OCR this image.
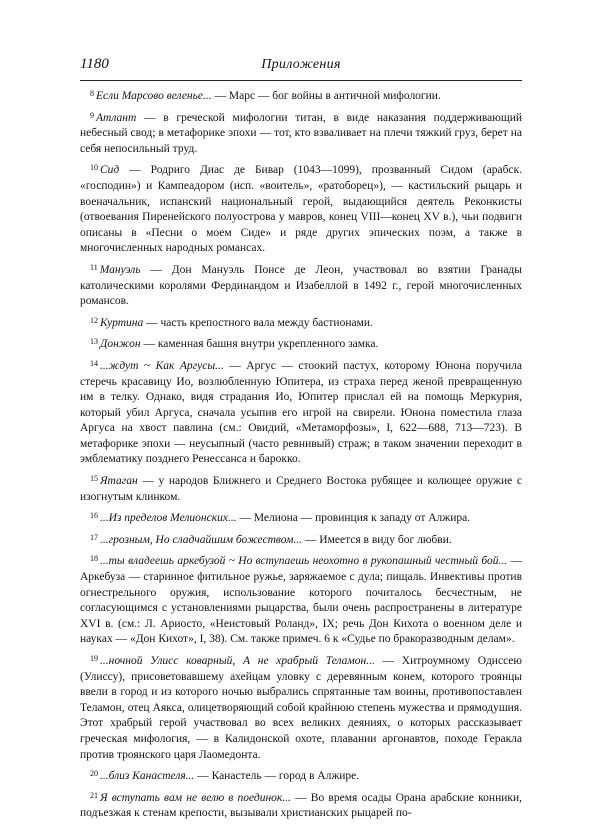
1180	Приложения

$^8$ Если Марсово веленье... — Марс — бог войны в античной мифологии.

$^9$ Атлант — в греческой мифологии титан, в виде наказания поддерживающий небесный свод; в метафорике эпохи — тот, кто взваливает на плечи тяжкий груз, берет на себя непосильный труд.

$^{10}$ Сид — Родриго Диас де Бивар (1043—1099), прозванный Сидом (арабск. «господин») и Кампеадором (исп. «воитель», «ратоборец»), — кастильский рыцарь и военачальник, испанский национальный герой, выдающийся деятель Реконкисты (отвоевания Пиренейского полуострова у мавров, конец VIII—конец XV в.), чьи подвиги описаны в «Песни о моем Сиде» и ряде других эпических поэм, а также в многочисленных народных романсах.

$^{11}$ Мануэль — Дон Мануэль Понсе де Леон, участвовал во взятии Гранады католическими королями Фердинандом и Изабеллой в 1492 г., герой многочисленных романсов.

$^{12}$ Куртина — часть крепостного вала между бастионами.

$^{13}$ Донжон — каменная башня внутри укрепленного замка.

$^{14}$ ...ждут ~ Как Аргусы... — Аргус — стоокий пастух, которому Юнона поручила стеречь красавицу Ио, возлюбленную Юпитера, из страха перед женой превращенную им в телку. Однако, видя страдания Ио, Юпитер прислал ей на помощь Меркурия, который убил Аргуса, сначала усыпив его игрой на свирели. Юнона поместила глаза Аргуса на хвост павлина (см.: Овидий, «Метаморфозы», I, 622—688, 713—723). В метафорике эпохи — неусыпный (часто ревнивый) страж; в таком значении переходит в эмблематику позднего Ренессанса и барокко.

$^{15}$ Ятаган — у народов Ближнего и Среднего Востока рубящее и колющее оружие с изогнутым клинком.

$^{16}$ ...Из пределов Мелионских... — Мелиона — провинция к западу от Алжира.

$^{17}$ ...грозным, Но сладчайшим божеством... — Имеется в виду бог любви.

$^{18}$ ...ты владеешь аркебузой ~ Но вступаешь неохотно в рукопашный честный бой... — Аркебуза — старинное фитильное ружье, заряжаемое с дула; пищаль. Инвективы против огнестрельного оружия, использование которого почиталось бесчестным, не согласующимся с установлениями рыцарства, были очень распространены в литературе XVI в. (см.: Л. Ариосто, «Неистовый Роланд», IX; речь Дон Кихота о военном деле и науках — «Дон Кихот», I, 38). См. также примеч. 6 к «Судье по бракоразводным делам».

$^{19}$ ...ночной Улисс коварный, А не храбрый Теламон... — Хитроумному Одиссею (Улиссу), присоветовавшему ахейцам уловку с деревянным конем, которого троянцы ввели в город и из которого ночью выбрались спрятанные там воины, противопоставлен Теламон, отец Аякса, олицетворяющий собой крайнюю степень мужества и прямодушия. Этот храбрый герой участвовал во всех великих деяниях, о которых рассказывает греческая мифология, — в Калидонской охоте, плавании аргонавтов, походе Геракла против троянского царя Лаомедонта.

$^{20}$ ...близ Канастеля... — Канастель — город в Алжире.

$^{21}$ Я вступать вам не велю в поединок... — Во время осады Орана арабские конники, подъезжая к стенам крепости, вызывали христианских рыцарей по-
